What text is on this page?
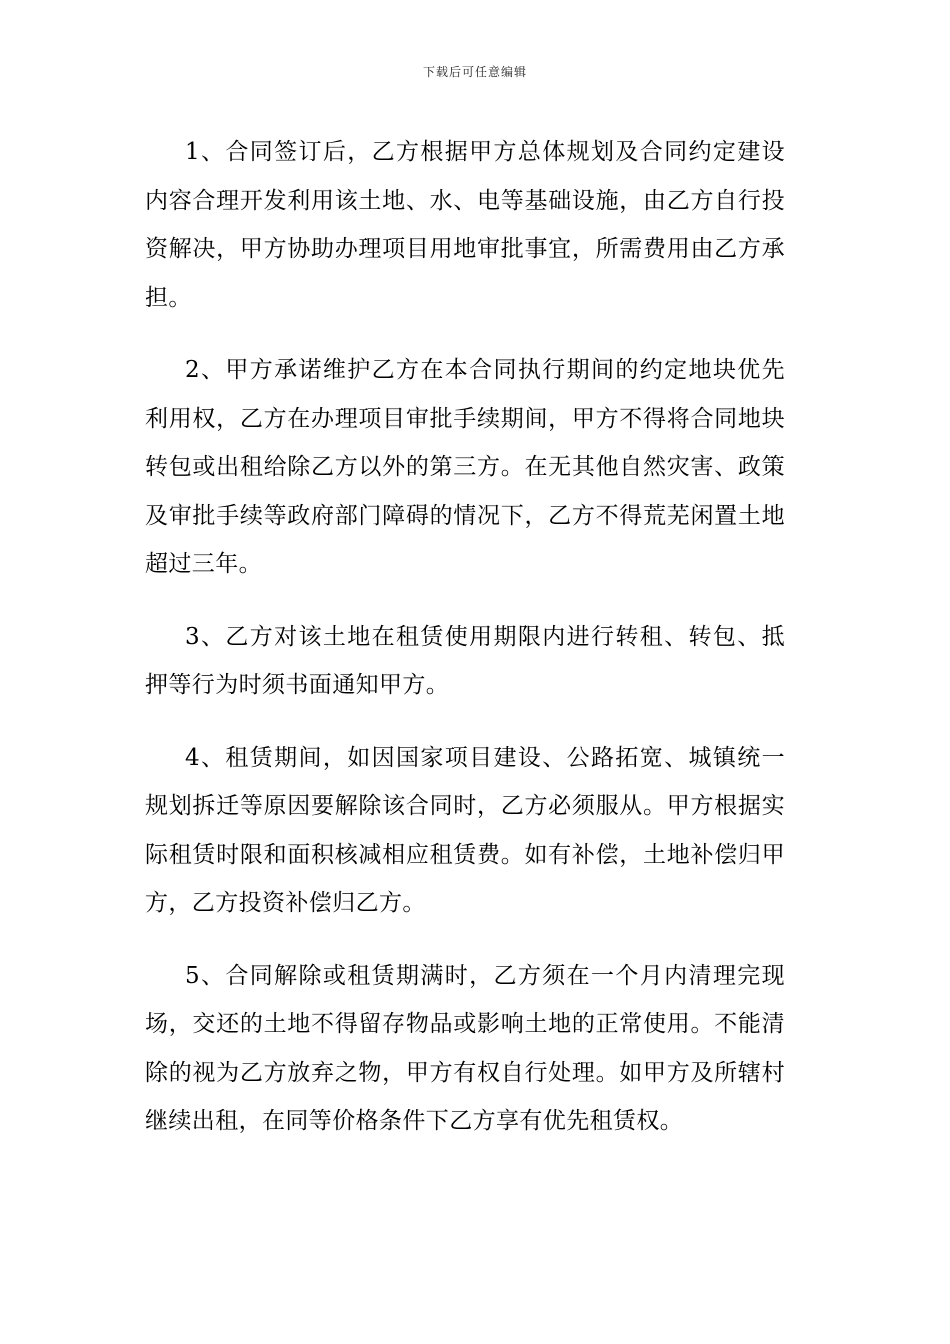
下载后可任意编辑

1、合同签订后，乙方根据甲方总体规划及合同约定建设内容合理开发利用该土地、水、电等基础设施，由乙方自行投资解决，甲方协助办理项目用地审批事宜，所需费用由乙方承担。

2、甲方承诺维护乙方在本合同执行期间的约定地块优先利用权，乙方在办理项目审批手续期间，甲方不得将合同地块转包或出租给除乙方以外的第三方。在无其他自然灾害、政策及审批手续等政府部门障碍的情况下，乙方不得荒芜闲置土地超过三年。

3、乙方对该土地在租赁使用期限内进行转租、转包、抵押等行为时须书面通知甲方。

4、租赁期间，如因国家项目建设、公路拓宽、城镇统一规划拆迁等原因要解除该合同时，乙方必须服从。甲方根据实际租赁时限和面积核减相应租赁费。如有补偿，土地补偿归甲方，乙方投资补偿归乙方。

5、合同解除或租赁期满时，乙方须在一个月内清理完现场，交还的土地不得留存物品或影响土地的正常使用。不能清除的视为乙方放弃之物，甲方有权自行处理。如甲方及所辖村继续出租，在同等价格条件下乙方享有优先租赁权。
